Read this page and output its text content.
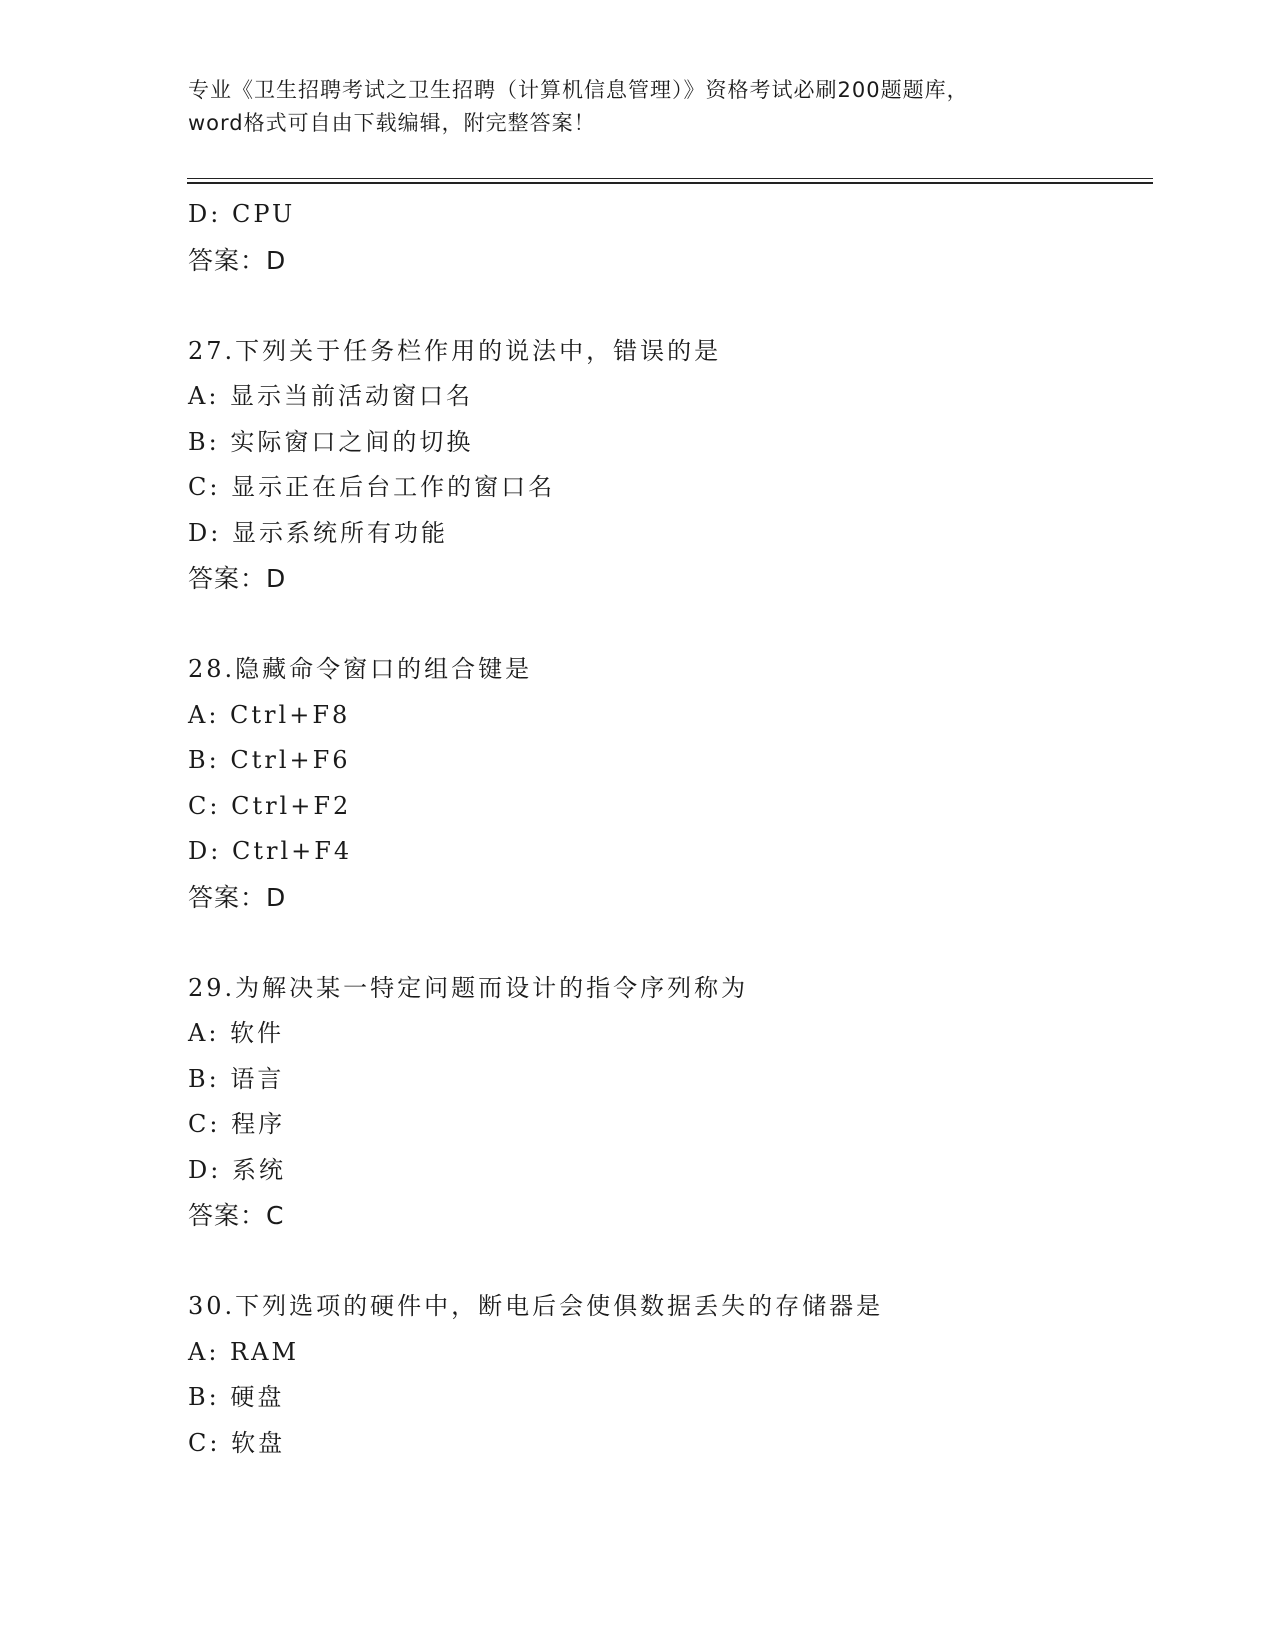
专业《卫生招聘考试之卫生招聘（计算机信息管理）》资格考试必刷200题题库，
word格式可自由下载编辑，附完整答案！
D: CPU
答案：D
27.下列关于任务栏作用的说法中，错误的是
A: 显示当前活动窗口名
B: 实际窗口之间的切换
C: 显示正在后台工作的窗口名
D: 显示系统所有功能
答案：D
28.隐藏命令窗口的组合键是
A: Ctrl+F8
B: Ctrl+F6
C: Ctrl+F2
D: Ctrl+F4
答案：D
29.为解决某一特定问题而设计的指令序列称为
A: 软件
B: 语言
C: 程序
D: 系统
答案：C
30.下列选项的硬件中，断电后会使俱数据丢失的存储器是
A: RAM
B: 硬盘
C: 软盘
